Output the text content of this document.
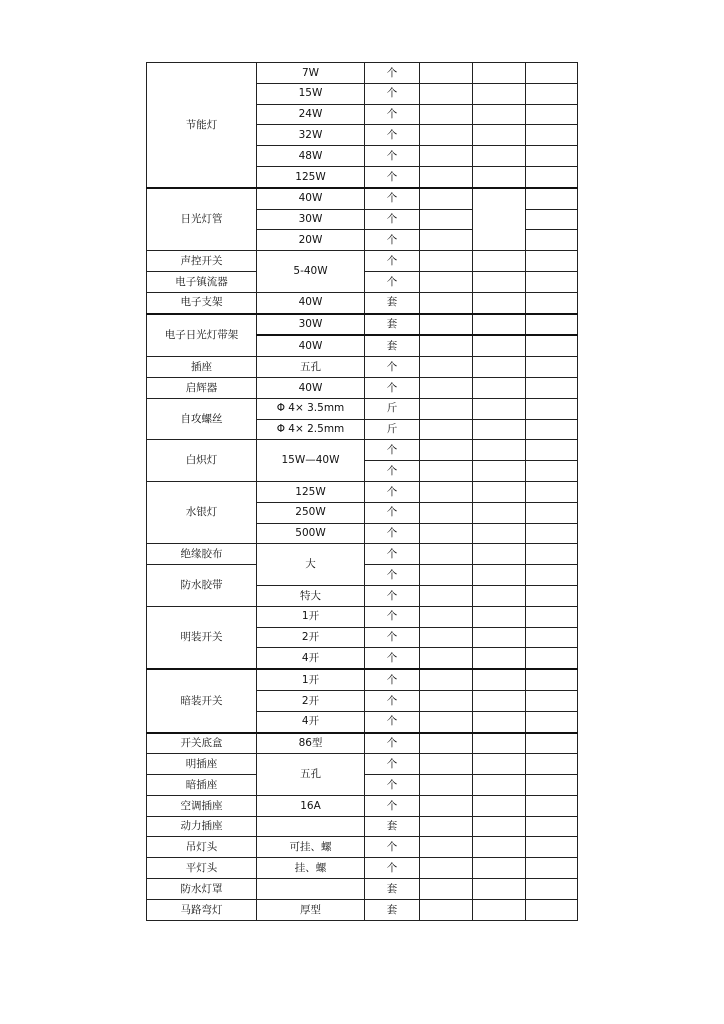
节能灯	7W	个			
	15W	个			
	24W	个			
	32W	个			
	48W	个			
	125W	个			
日光灯管	40W	个			
	30W	个			
	20W	个			
声控开关	5-40W	个			
电子镇流器		个			
电子支架	40W	套			
电子日光灯带架	30W	套			
	40W	套			
插座	五孔	个			
启辉器	40W	个			
自攻螺丝	Φ 4× 3.5mm	斤			
	Φ 4× 2.5mm	斤			
白炽灯	15W—40W	个			
		个			
水银灯	125W	个			
	250W	个			
	500W	个			
绝缘胶布	大	个			
防水胶带		个			
	特大	个			
明装开关	1开	个			
	2开	个			
	4开	个			
暗装开关	1开	个			
	2开	个			
	4开	个			
开关底盒	86型	个			
明插座	五孔	个			
暗插座		个			
空调插座	16A	个			
动力插座		套			
吊灯头	可挂、螺	个			
平灯头	挂、螺	个			
防水灯罩		套			
马路弯灯	厚型	套			
